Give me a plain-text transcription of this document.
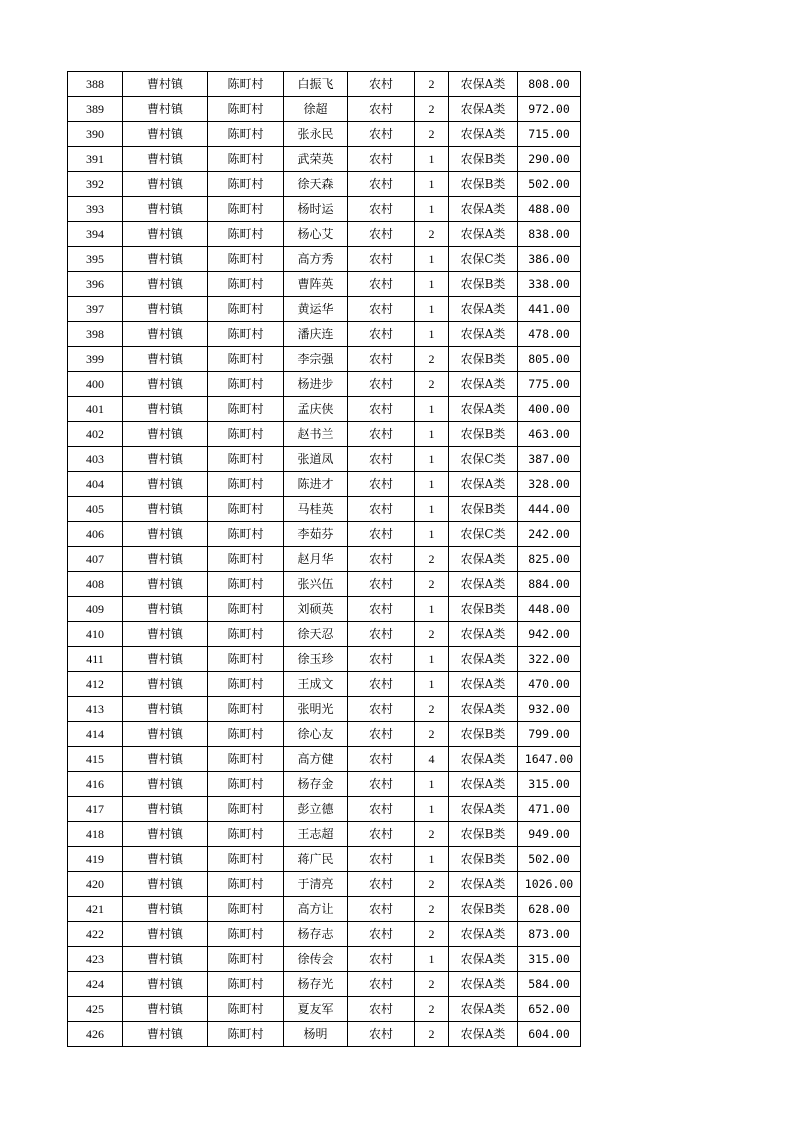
388	曹村镇	陈町村	白振飞	农村	2	农保A类	808.00
389	曹村镇	陈町村	徐超	农村	2	农保A类	972.00
390	曹村镇	陈町村	张永民	农村	2	农保A类	715.00
391	曹村镇	陈町村	武荣英	农村	1	农保B类	290.00
392	曹村镇	陈町村	徐天森	农村	1	农保B类	502.00
393	曹村镇	陈町村	杨时运	农村	1	农保A类	488.00
394	曹村镇	陈町村	杨心艾	农村	2	农保A类	838.00
395	曹村镇	陈町村	高方秀	农村	1	农保C类	386.00
396	曹村镇	陈町村	曹阵英	农村	1	农保B类	338.00
397	曹村镇	陈町村	黄运华	农村	1	农保A类	441.00
398	曹村镇	陈町村	潘庆连	农村	1	农保A类	478.00
399	曹村镇	陈町村	李宗强	农村	2	农保B类	805.00
400	曹村镇	陈町村	杨进步	农村	2	农保A类	775.00
401	曹村镇	陈町村	孟庆侠	农村	1	农保A类	400.00
402	曹村镇	陈町村	赵书兰	农村	1	农保B类	463.00
403	曹村镇	陈町村	张道凤	农村	1	农保C类	387.00
404	曹村镇	陈町村	陈进才	农村	1	农保A类	328.00
405	曹村镇	陈町村	马桂英	农村	1	农保B类	444.00
406	曹村镇	陈町村	李茹芬	农村	1	农保C类	242.00
407	曹村镇	陈町村	赵月华	农村	2	农保A类	825.00
408	曹村镇	陈町村	张兴伍	农村	2	农保A类	884.00
409	曹村镇	陈町村	刘硕英	农村	1	农保B类	448.00
410	曹村镇	陈町村	徐天忍	农村	2	农保A类	942.00
411	曹村镇	陈町村	徐玉珍	农村	1	农保A类	322.00
412	曹村镇	陈町村	王成文	农村	1	农保A类	470.00
413	曹村镇	陈町村	张明光	农村	2	农保A类	932.00
414	曹村镇	陈町村	徐心友	农村	2	农保B类	799.00
415	曹村镇	陈町村	高方健	农村	4	农保A类	1647.00
416	曹村镇	陈町村	杨存金	农村	1	农保A类	315.00
417	曹村镇	陈町村	彭立德	农村	1	农保A类	471.00
418	曹村镇	陈町村	王志超	农村	2	农保B类	949.00
419	曹村镇	陈町村	蒋广民	农村	1	农保B类	502.00
420	曹村镇	陈町村	于清亮	农村	2	农保A类	1026.00
421	曹村镇	陈町村	高方让	农村	2	农保B类	628.00
422	曹村镇	陈町村	杨存志	农村	2	农保A类	873.00
423	曹村镇	陈町村	徐传会	农村	1	农保A类	315.00
424	曹村镇	陈町村	杨存光	农村	2	农保A类	584.00
425	曹村镇	陈町村	夏友军	农村	2	农保A类	652.00
426	曹村镇	陈町村	杨明	农村	2	农保A类	604.00
